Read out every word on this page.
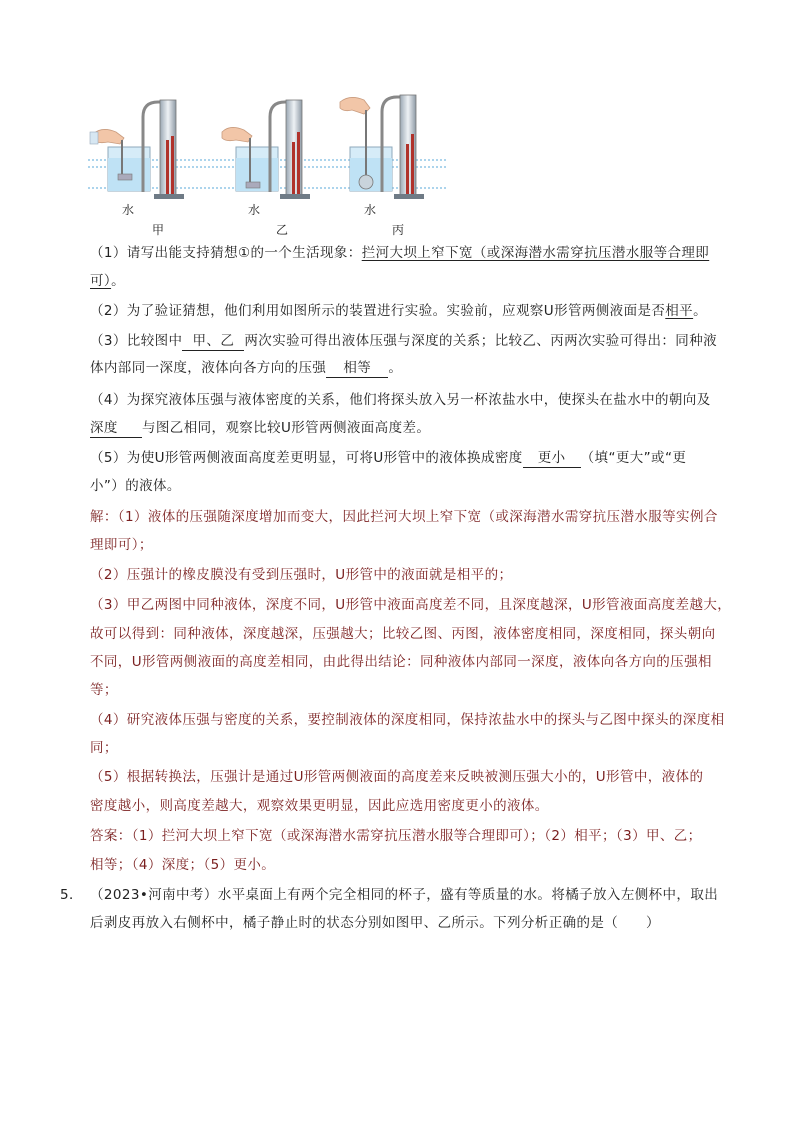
水
甲
水
乙
水
丙
（1）请写出能支持猜想①的一个生活现象：拦河大坝上窄下宽（或深海潜水需穿抗压潜水服等合理即
可）。
（2）为了验证猜想，他们利用如图所示的装置进行实验。实验前，应观察U形管两侧液面是否相平。
（3）比较图中 甲、乙 两次实验可得出液体压强与深度的关系；比较乙、丙两次实验可得出：同种液
体内部同一深度，液体向各方向的压强 相等 。
（4）为探究液体压强与液体密度的关系，他们将探头放入另一杯浓盐水中，使探头在盐水中的朝向及
深度 与图乙相同，观察比较U形管两侧液面高度差。
（5）为使U形管两侧液面高度差更明显，可将U形管中的液体换成密度 更小 （填“更大”或“更
小”）的液体。
解：（1）液体的压强随深度增加而变大，因此拦河大坝上窄下宽（或深海潜水需穿抗压潜水服等实例合
理即可）；
（2）压强计的橡皮膜没有受到压强时，U形管中的液面就是相平的；
（3）甲乙两图中同种液体，深度不同，U形管中液面高度差不同，且深度越深，U形管液面高度差越大，
故可以得到：同种液体，深度越深，压强越大；比较乙图、丙图，液体密度相同，深度相同，探头朝向
不同，U形管两侧液面的高度差相同，由此得出结论：同种液体内部同一深度，液体向各方向的压强相
等；
（4）研究液体压强与密度的关系，要控制液体的深度相同，保持浓盐水中的探头与乙图中探头的深度相
同；
（5）根据转换法，压强计是通过U形管两侧液面的高度差来反映被测压强大小的，U形管中，液体的
密度越小，则高度差越大，观察效果更明显，因此应选用密度更小的液体。
答案：（1）拦河大坝上窄下宽（或深海潜水需穿抗压潜水服等合理即可）；（2）相平；（3）甲、乙；
相等；（4）深度；（5）更小。
5． （2023•河南中考）水平桌面上有两个完全相同的杯子，盛有等质量的水。将橘子放入左侧杯中，取出
后剥皮再放入右侧杯中，橘子静止时的状态分别如图甲、乙所示。下列分析正确的是（　　）
